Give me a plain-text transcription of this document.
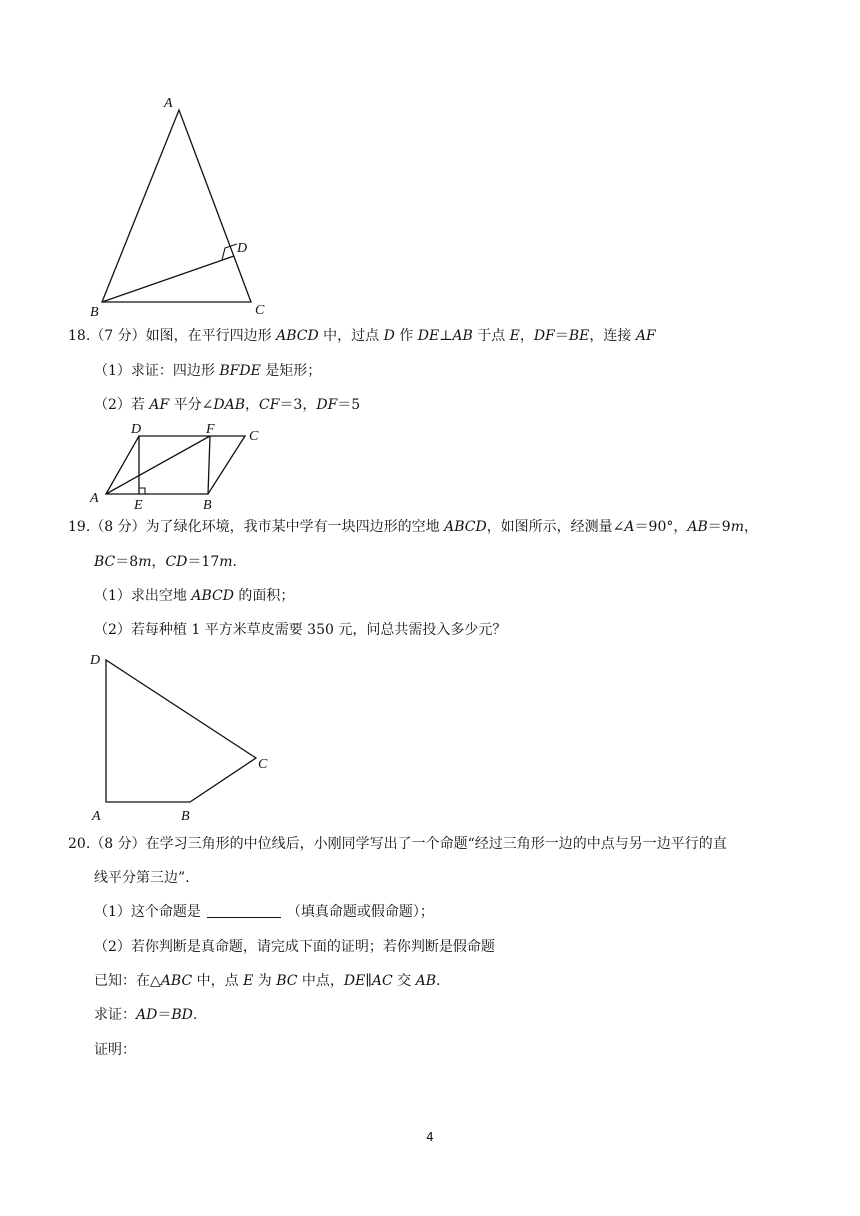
A
B	C
D
18.（7 分）如图，在平行四边形 ABCD 中，过点 D 作 DE⊥AB 于点 E，DF＝BE，连接 AF
（1）求证：四边形 BFDE 是矩形；
（2）若 AF 平分∠DAB，CF＝3，DF＝5
D	F C
A	E	B
19.（8 分）为了绿化环境，我市某中学有一块四边形的空地 ABCD，如图所示，经测量∠A＝90°，AB＝9m，
BC＝8m，CD＝17m.
（1）求出空地 ABCD 的面积；
（2）若每种植 1 平方米草皮需要 350 元，问总共需投入多少元？
D
C
A	B
20.（8 分）在学习三角形的中位线后，小刚同学写出了一个命题“经过三角形一边的中点与另一边平行的直
线平分第三边”.
（1）这个命题是	（填真命题或假命题）；
（2）若你判断是真命题，请完成下面的证明；若你判断是假命题
已知：在△ABC 中，点 E 为 BC 中点，DE∥AC 交 AB.
求证：AD＝BD.
证明：
4
